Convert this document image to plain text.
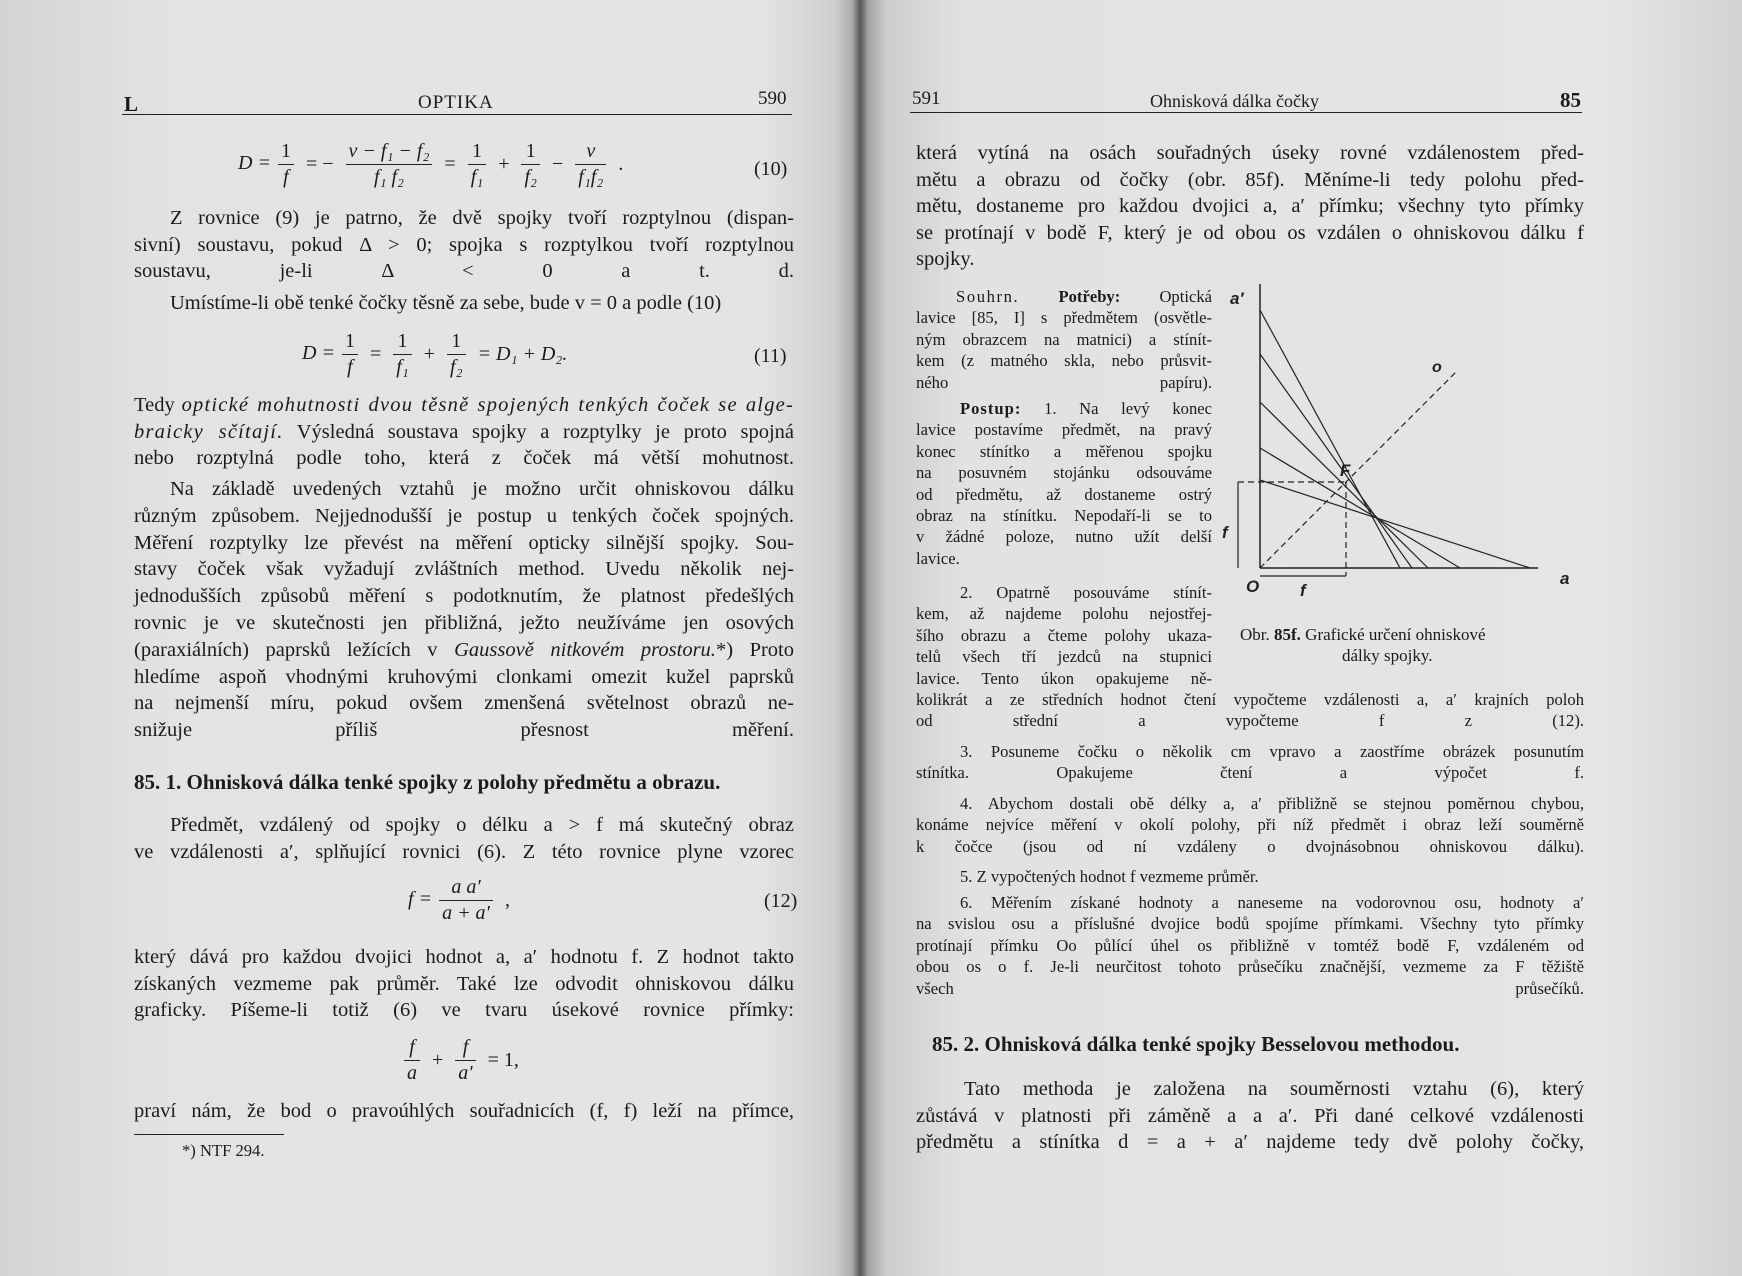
L	OPTIKA	590
$D = \frac{1}{f}$ = − $\frac{\text{v − f₁ − f₂}}{\text{f₁ f₂}} = \frac{1}{\text{f₁}} + \frac{1}{\text{f₂}} - \frac{v}{\text{f₁f₂}}$ .	(10)
Z rovnice (9) je patrno, že dvě spojky tvoří rozptylnou (dispan-
sivní) soustavu, pokud Δ > 0; spojka s rozptylkou tvoří rozptylnou
soustavu, je-li Δ < 0 a t. d.
Umístíme-li obě tenké čočky těsně za sebe, bude v = 0 a podle (10)
$D = \frac{1}{f} = \frac{1}{\text{f₁}} + \frac{1}{\text{f₂}} = D_1 + D_2$.	(11)
Tedy optické mohutnosti dvou těsně spojených tenkých čoček se alge-
braicky sčítají. Výsledná soustava spojky a rozptylky je proto spojná
nebo rozptylná podle toho, která z čoček má větší mohutnost.
Na základě uvedených vztahů je možno určit ohniskovou dálku
různým způsobem. Nejjednodušší je postup u tenkých čoček spojných.
Měření rozptylky lze převést na měření opticky silnější spojky. Sou-
stavy čoček však vyžadují zvláštních method. Uvedu několik nej-
jednodušších způsobů měření s podotknutím, že platnost předešlých
rovnic je ve skutečnosti jen přibližná, ježto neužíváme jen osových
(paraxiálních) paprsků ležících v Gaussově nitkovém prostoru.*) Proto
hledíme aspoň vhodnými kruhovými clonkami omezit kužel paprsků
na nejmenší míru, pokud ovšem zmenšená světelnost obrazů ne-
snižuje příliš přesnost měření.
85. 1. Ohnisková dálka tenké spojky z polohy předmětu a obrazu.
Předmět, vzdálený od spojky o délku a > f má skutečný obraz
ve vzdálenosti a′, splňující rovnici (6). Z této rovnice plyne vzorec
$f = \frac{\text{a a′}}{a + a'}$ ,	(12)
který dává pro každou dvojici hodnot a, a′ hodnotu f. Z hodnot takto
získaných vezmeme pak průměr. Také lze odvodit ohniskovou dálku
graficky. Píšeme-li totiž (6) ve tvaru úsekové rovnice přímky:
$\frac{f}{a} + \frac{f}{a'} = 1$,
praví nám, že bod o pravoúhlých souřadnicích (f, f) leží na přímce,
*) NTF 294.
591	Ohnisková dálka čočky	85
která vytíná na osách souřadných úseky rovné vzdálenostem před-
mětu a obrazu od čočky (obr. 85f). Měníme-li tedy polohu před-
mětu, dostaneme pro každou dvojici a, a′ přímku; všechny tyto přímky
se protínají v bodě F, který je od obou os vzdálen o ohniskovou dálku f
spojky.
Souhrn. Potřeby: Optická
lavice [85, I] s předmětem (osvětle-
ným obrazcem na matnici) a stínít-
kem (z matného skla, nebo průsvit-
ného papíru).
Postup: 1. Na levý konec
lavice postavíme předmět, na pravý
konec stínítko a měřenou spojku
na posuvném stojánku odsouváme
od předmětu, až dostaneme ostrý
obraz na stínítku. Nepodaří-li se to
v žádné poloze, nutno užít delší
lavice.
2. Opatrně posouváme stínít-
kem, až najdeme polohu nejostřej-
šího obrazu a čteme polohy ukaza-
telů všech tří jezdců na stupnici
lavice. Tento úkon opakujeme ně-
a′
o
F
f
O f
a
Obr. 85f. Grafické určení ohniskové
dálky spojky.
kolikrát a ze středních hodnot čtení vypočteme vzdálenosti a, a′ krajních poloh
od střední a vypočteme f z (12).
3. Posuneme čočku o několik cm vpravo a zaostříme obrázek posunutím
stínítka. Opakujeme čtení a výpočet f.
4. Abychom dostali obě délky a, a′ přibližně se stejnou poměrnou chybou,
konáme nejvíce měření v okolí polohy, při níž předmět i obraz leží souměrně
k čočce (jsou od ní vzdáleny o dvojnásobnou ohniskovou dálku).
5. Z vypočtených hodnot f vezmeme průměr.
6. Měřením získané hodnoty a naneseme na vodorovnou osu, hodnoty a′
na svislou osu a příslušné dvojice bodů spojíme přímkami. Všechny tyto přímky
protínají přímku Oo půlící úhel os přibližně v tomtéž bodě F, vzdáleném od
obou os o f. Je-li neurčitost tohoto průsečíku značnější, vezmeme za F těžiště
všech průsečíků.
85. 2. Ohnisková dálka tenké spojky Besselovou methodou.
Tato methoda je založena na souměrnosti vztahu (6), který
zůstává v platnosti při záměně a a a′. Při dané celkové vzdálenosti
předmětu a stínítka d = a + a′ najdeme tedy dvě polohy čočky,
